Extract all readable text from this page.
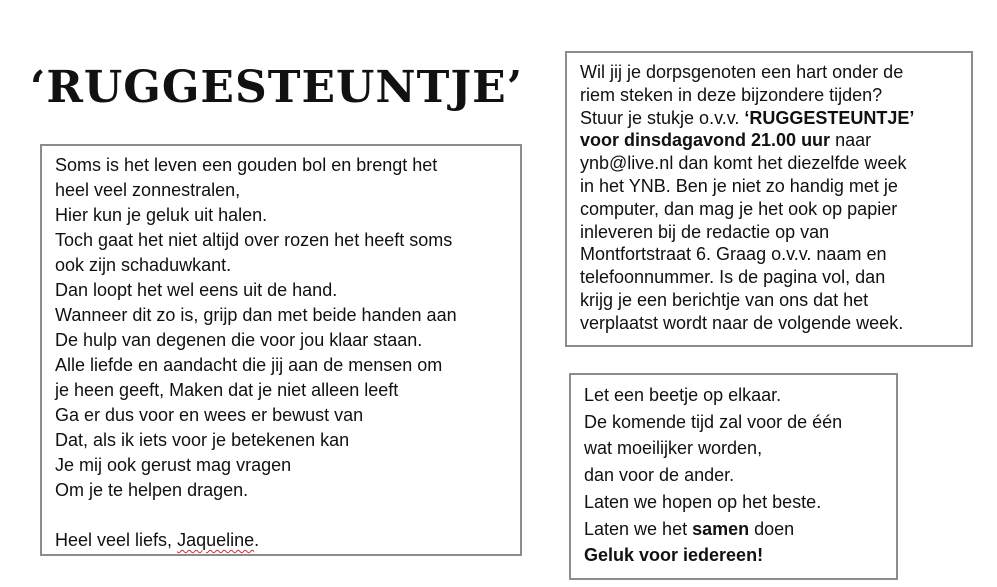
‘RUGGESTEUNTJE’
Soms is het leven een gouden bol en brengt het
heel veel zonnestralen,
Hier kun je geluk uit halen.
Toch gaat het niet altijd over rozen het heeft soms
ook zijn schaduwkant.
Dan loopt het wel eens uit de hand.
Wanneer dit zo is, grijp dan met beide handen aan
De hulp van degenen die voor jou klaar staan.
Alle liefde en aandacht die jij aan de mensen om
je heen geeft, Maken dat je niet alleen leeft
Ga er dus voor en wees er bewust van
Dat, als ik iets voor je betekenen kan
Je mij ook gerust mag vragen
Om je te helpen dragen.
Heel veel liefs, Jaqueline.
Wil jij je dorpsgenoten een hart onder de
riem steken in deze bijzondere tijden?
Stuur je stukje o.v.v. ‘RUGGESTEUNTJE’
voor dinsdagavond 21.00 uur naar
ynb@live.nl dan komt het diezelfde week
in het YNB. Ben je niet zo handig met je
computer, dan mag je het ook op papier
inleveren bij de redactie op van
Montfortstraat 6. Graag o.v.v. naam en
telefoonnummer. Is de pagina vol, dan
krijg je een berichtje van ons dat het
verplaatst wordt naar de volgende week.
Let een beetje op elkaar.
De komende tijd zal voor de één
wat moeilijker worden,
dan voor de ander.
Laten we hopen op het beste.
Laten we het samen doen
Geluk voor iedereen!
